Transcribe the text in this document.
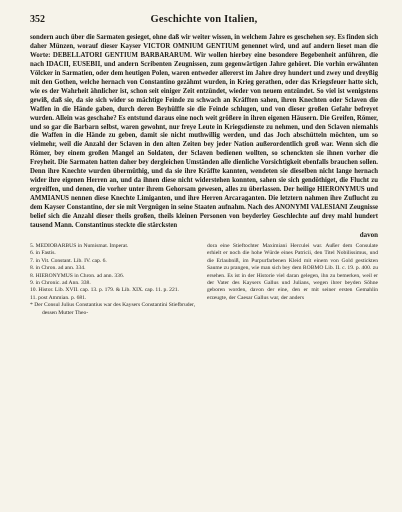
352	Geschichte von Italien,

sondern auch über die Sarmaten gesieget, ohne daß wir weiter wissen, in welchem Jahre es geschehen sey. Es finden sich daher Münzen, worauf dieser Kayser VICTOR OMNIUM GENTIUM genennet wird, und auf andern lieset man die Worte: DEBELLATORI GENTIUM BARBARARUM. Wir wollen hierbey eine besondere Begebenheit anführen, die nach IDACII, EUSEBII, und andern Scribenten Zeugnissen, zum gegenwärtigen Jahre gehöret. Die vorhin erwähnten Völcker in Sarmatien, oder dem heutigen Polen, waren entweder allererst im Jahre drey hundert und zwey und dreyßig mit den Gothen, welche hernach von Constantino gezähmt wurden, in Krieg gerathen, oder das Kriegsfeuer hatte sich, wie es der Wahrheit ähnlicher ist, schon seit einiger Zeit entzündet, wieder von neuem entzündet. So viel ist wenigstens gewiß, daß sie, da sie sich wider so mächtige Feinde zu schwach an Kräfften sahen, ihren Knechten oder Sclaven die Waffen in die Hände gaben, durch deren Beyhülffe sie die Feinde schlugen, und von dieser großen Gefahr befreyet wurden. Allein was geschahe? Es entstund daraus eine noch weit größere in ihren eigenen Häusern. Die Greifen, Römer, und so gar die Barbarn selbst, waren gewohnt, nur freye Leute in Kriegsdienste zu nehmen, und den Sclaven niemahls die Waffen in die Hände zu geben, damit sie nicht muthwillig werden, und das Joch abschütteln möchten, um so vielmehr, weil die Anzahl der Sclaven in den alten Zeiten bey jeder Nation außerordentlich groß war. Wenn sich die Römer, bey einem großen Mangel an Soldaten, der Sclaven bedienen wollten, so schenckten sie ihnen vorher die Freyheit. Die Sarmaten hatten daher bey dergleichen Umständen alle dienliche Vorsichtigkeit ebenfalls brauchen sollen. Denn ihre Knechte wurden übermüthig, und da sie ihre Kräffte kannten, wendeten sie dieselben nicht lange hernach wider ihre eigenen Herren an, und da ihnen diese nicht widerstehen konnten, sahen sie sich gendöthiget, die Flucht zu ergreiffen, und denen, die vorher unter ihrem Gehorsam gewesen, alles zu überlassen. Der heilige HIERONYMUS und AMMIANUS nennen diese Knechte Limiganten, und ihre Herren Arcaraganten. Die letztern nahmen ihre Zuflucht zu dem Kayser Constantino, der sie mit Vergnügen in seine Staaten aufnahm. Nach des ANONYMI VALESIANI Zeugnisse belief sich die Anzahl dieser theils großen, theils kleinen Personen von beyderley Geschlechte auf drey mahl hundert tausend Mann. Constantinus steckte die stärcksten

davon

5. MEDIOBARBUS in Numismat. Imperat.

6. in Fastis.

7. in Vit. Constant. Lib. IV. cap. 6.

8. in Chron. ad ann. 334.

8. HIERONYMUS in Chron. ad ann. 336.

9. in Chronic. ad Ann. 338.

10. Histor. Lib. XVII. cap. 13. p. 179. & Lib. XIX. cap. 11. p. 221.

11. post Ammian. p. 681.

* Der Consul Julius Constantius war des Kaysers Constantini Stiefbruder, dessen Mutter Theo-

dora eine Stieftochter Maximiani Herculei war. Außer dem Consulate erhielt er noch die hohe Würde eines Patricii, den Titel Nobilissimus, und die Erlaubniß, im Purpurfarbenen Kleid mit einem von Gold gestickten Saume zu prangen, wie man sich bey dem ROBMO Lib. II. c. 19. p. 400. zu ersehen. Es ist in der Historie viel daran gelegen, ihn zu bemerken, weil er der Vater des Kaysers Gallus und Julians, wegen ihrer beyden Söhne geboren worden, davon der eine, den er mit seiner ersten Gemahlin erzeugte, der Caesar Gallus war, der anders
